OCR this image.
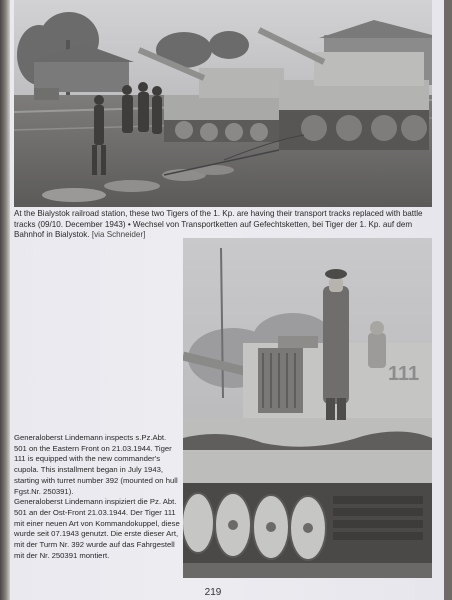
At the Bialystok railroad station, these two Tigers of the 1. Kp. are having their transport tracks replaced with battle tracks (09/10. December 1943) • Wechsel von Transportketten auf Gefechtsketten, bei Tiger der 1. Kp. auf dem Bahnhof in Bialystok. [via Schneider]
111
Generaloberst Lindemann inspects s.Pz.Abt. 501 on the Eastern Front on 21.03.1944. Tiger 111 is equipped with the new commander's cupola. This installment began in July 1943, starting with turret number 392 (mounted on hull Fgst.Nr. 250391).
Generaloberst Lindemann inspiziert die Pz. Abt. 501 an der Ost-Front 21.03.1944. Der Tiger 111 mit einer neuen Art von Kommandokuppel, diese wurde seit 07.1943 genutzt. Die erste dieser Art, mit der Turm Nr. 392 wurde auf das Fahrgestell mit der Nr. 250391 montiert.
219
